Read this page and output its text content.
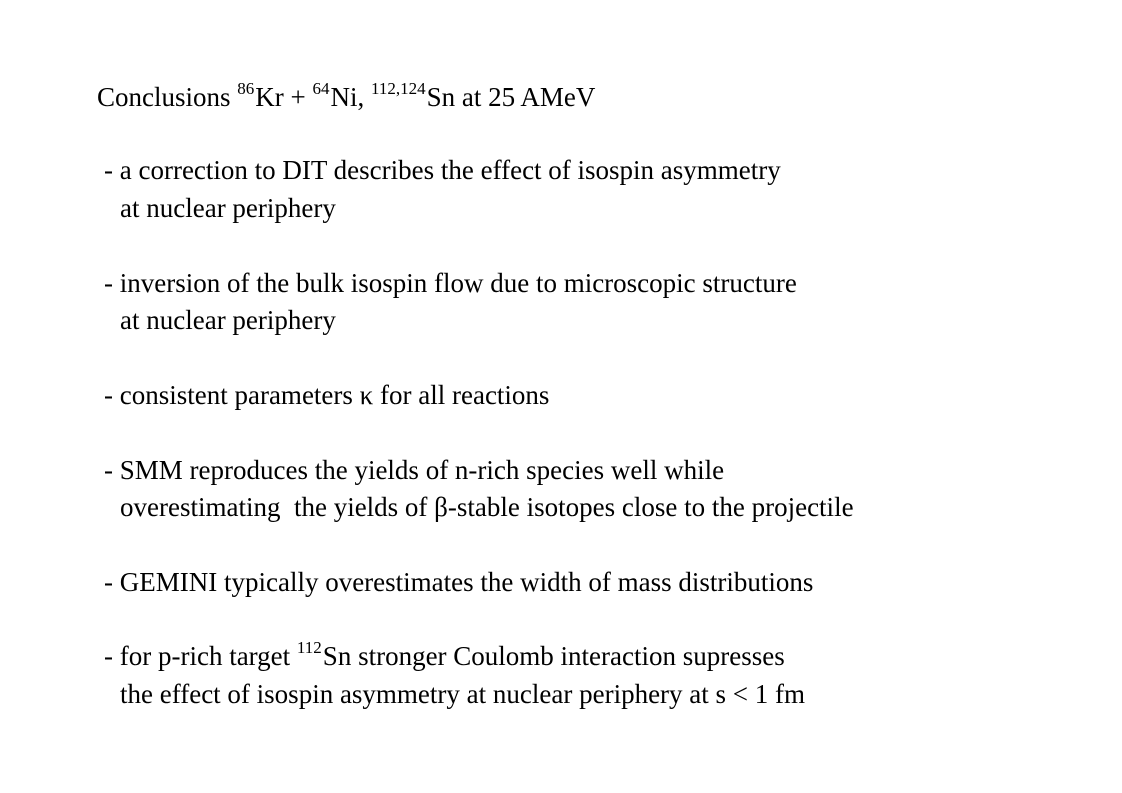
Conclusions $^{86}$Kr + $^{64}$Ni, $^{112,124}$Sn at 25 AMeV
- a correction to DIT describes the effect of isospin asymmetry
at nuclear periphery
- inversion of the bulk isospin flow due to microscopic structure
at nuclear periphery
- consistent parameters κ for all reactions
- SMM reproduces the yields of n-rich species well while
overestimating  the yields of β-stable isotopes close to the projectile
- GEMINI typically overestimates the width of mass distributions
- for p-rich target $^{112}$Sn stronger Coulomb interaction supresses
the effect of isospin asymmetry at nuclear periphery at s < 1 fm
